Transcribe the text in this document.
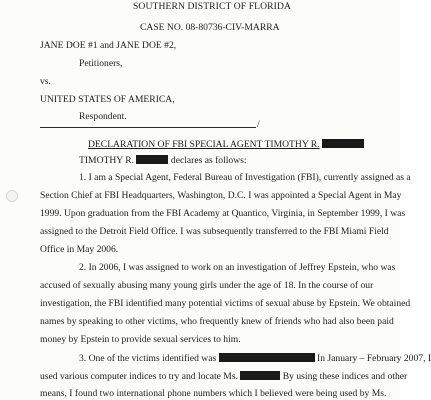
SOUTHERN DISTRICT OF FLORIDA
CASE NO. 08-80736-CIV-MARRA
JANE DOE #1 and JANE DOE #2,
Petitioners,
vs.
UNITED STATES OF AMERICA,
Respondent.
/
DECLARATION OF FBI SPECIAL AGENT TIMOTHY R.
TIMOTHY R.	declares as follows:
1. I am a Special Agent, Federal Bureau of Investigation (FBI), currently assigned as a
Section Chief at FBI Headquarters, Washington, D.C. I was appointed a Special Agent in May
1999. Upon graduation from the FBI Academy at Quantico, Virginia, in September 1999, I was
assigned to the Detroit Field Office. I was subsequently transferred to the FBI Miami Field
Office in May 2006.
2. In 2006, I was assigned to work on an investigation of Jeffrey Epstein, who was
accused of sexually abusing many young girls under the age of 18. In the course of our
investigation, the FBI identified many potential victims of sexual abuse by Epstein. We obtained
names by speaking to other victims, who frequently knew of friends who had also been paid
money by Epstein to provide sexual services to him.
3. One of the victims identified was	In January – February 2007, I
used various computer indices to try and locate Ms.	By using these indices and other
means, I found two international phone numbers which I believed were being used by Ms.
